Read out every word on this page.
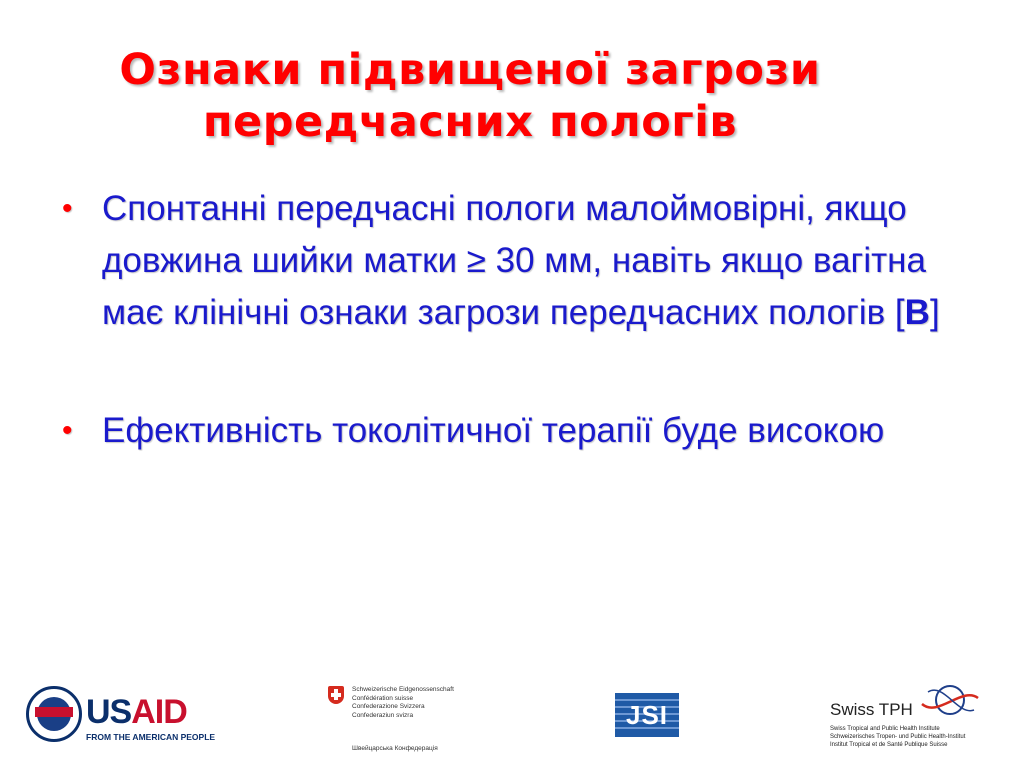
Ознаки підвищеної загрози
передчасних пологів
• Спонтанні передчасні пологи малоймовірні, якщо довжина шийки матки ≥ 30 мм, навіть якщо вагітна має клінічні ознаки загрози передчасних пологів [B]
• Ефективність токолітичної терапії буде високою
USAID
FROM THE AMERICAN PEOPLE
Schweizerische Eidgenossenschaft
Confédération suisse
Confederazione Svizzera
Confederaziun svizra
Швейцарська Конфедерація
JSI	Swiss TPH
Swiss Tropical and Public Health Institute
Schweizerisches Tropen- und Public Health-Institut
Institut Tropical et de Santé Publique Suisse
